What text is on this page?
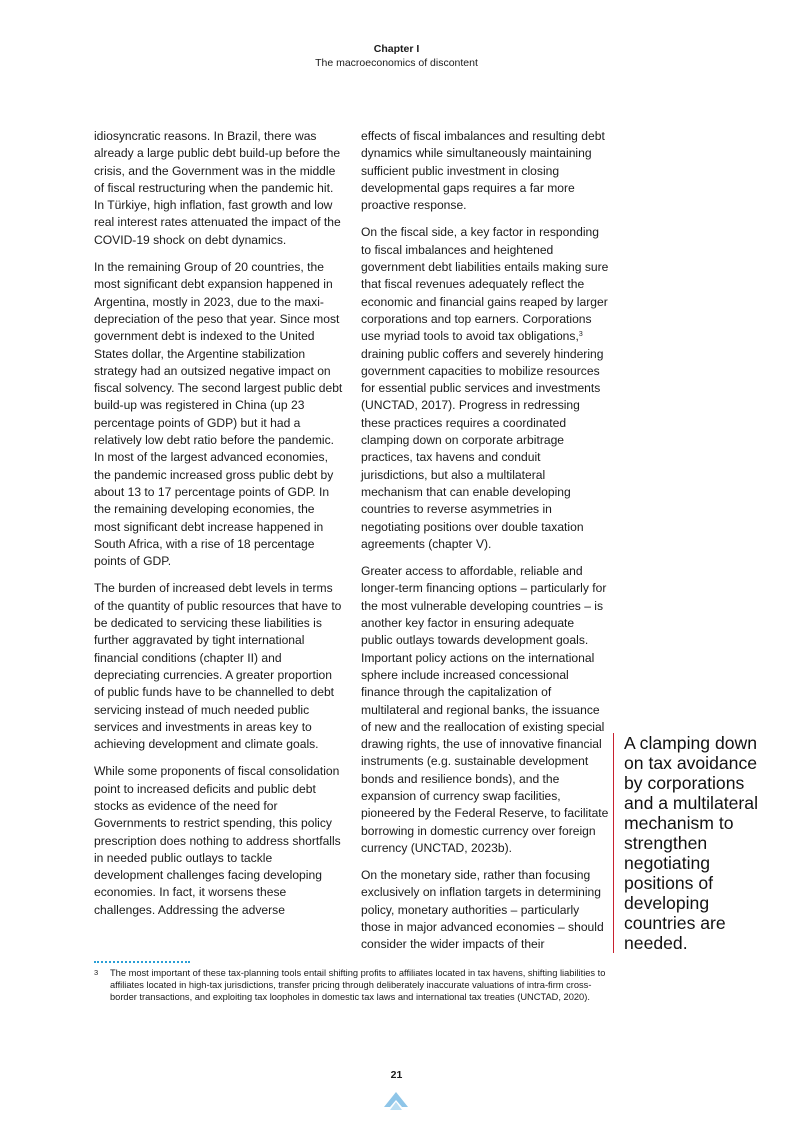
Chapter I
The macroeconomics of discontent

idiosyncratic reasons. In Brazil, there was already a large public debt build-up before the crisis, and the Government was in the middle of fiscal restructuring when the pandemic hit. In Türkiye, high inflation, fast growth and low real interest rates attenuated the impact of the COVID-19 shock on debt dynamics.

In the remaining Group of 20 countries, the most significant debt expansion happened in Argentina, mostly in 2023, due to the maxi-depreciation of the peso that year. Since most government debt is indexed to the United States dollar, the Argentine stabilization strategy had an outsized negative impact on fiscal solvency. The second largest public debt build-up was registered in China (up 23 percentage points of GDP) but it had a relatively low debt ratio before the pandemic. In most of the largest advanced economies, the pandemic increased gross public debt by about 13 to 17 percentage points of GDP. In the remaining developing economies, the most significant debt increase happened in South Africa, with a rise of 18 percentage points of GDP.

The burden of increased debt levels in terms of the quantity of public resources that have to be dedicated to servicing these liabilities is further aggravated by tight international financial conditions (chapter II) and depreciating currencies. A greater proportion of public funds have to be channelled to debt servicing instead of much needed public services and investments in areas key to achieving development and climate goals.

While some proponents of fiscal consolidation point to increased deficits and public debt stocks as evidence of the need for Governments to restrict spending, this policy prescription does nothing to address shortfalls in needed public outlays to tackle development challenges facing developing economies. In fact, it worsens these challenges. Addressing the adverse

effects of fiscal imbalances and resulting debt dynamics while simultaneously maintaining sufficient public investment in closing developmental gaps requires a far more proactive response.

On the fiscal side, a key factor in responding to fiscal imbalances and heightened government debt liabilities entails making sure that fiscal revenues adequately reflect the economic and financial gains reaped by larger corporations and top earners. Corporations use myriad tools to avoid tax obligations,$^3$ draining public coffers and severely hindering government capacities to mobilize resources for essential public services and investments (UNCTAD, 2017). Progress in redressing these practices requires a coordinated clamping down on corporate arbitrage practices, tax havens and conduit jurisdictions, but also a multilateral mechanism that can enable developing countries to reverse asymmetries in negotiating positions over double taxation agreements (chapter V).

Greater access to affordable, reliable and longer-term financing options – particularly for the most vulnerable developing countries – is another key factor in ensuring adequate public outlays towards development goals. Important policy actions on the international sphere include increased concessional finance through the capitalization of multilateral and regional banks, the issuance of new and the reallocation of existing special drawing rights, the use of innovative financial instruments (e.g. sustainable development bonds and resilience bonds), and the expansion of currency swap facilities, pioneered by the Federal Reserve, to facilitate borrowing in domestic currency over foreign currency (UNCTAD, 2023b).

On the monetary side, rather than focusing exclusively on inflation targets in determining policy, monetary authorities – particularly those in major advanced economies – should consider the wider impacts of their

A clamping down on tax avoidance by corporations and a multilateral mechanism to strengthen negotiating positions of developing countries are needed.
3 The most important of these tax-planning tools entail shifting profits to affiliates located in tax havens, shifting liabilities to affiliates located in high-tax jurisdictions, transfer pricing through deliberately inaccurate valuations of intra-firm cross-border transactions, and exploiting tax loopholes in domestic tax laws and international tax treaties (UNCTAD, 2020).
21
